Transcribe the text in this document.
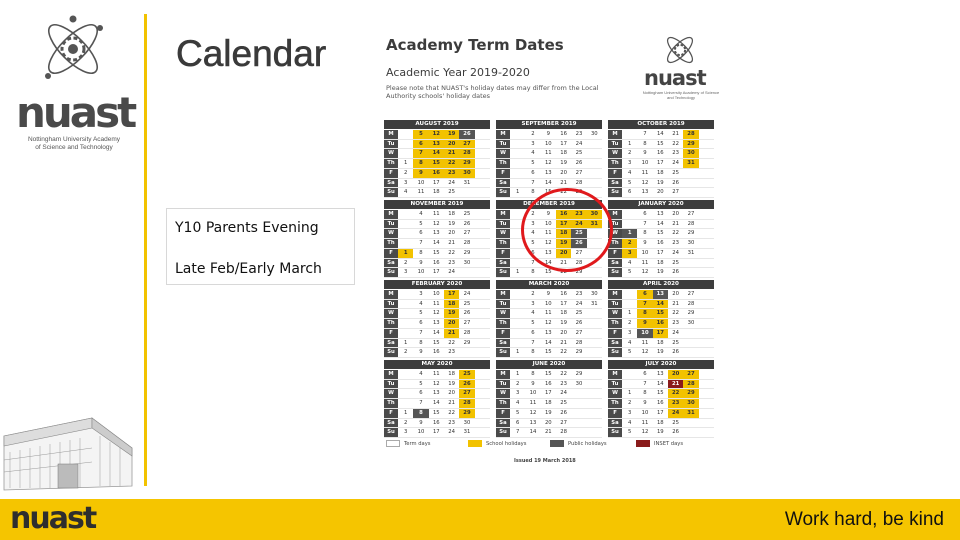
nuast
Nottingham University Academy
of Science and Technology
Calendar
Y10 Parents Evening
Late Feb/Early March
Academy Term Dates
Academic Year 2019-2020
Please note that NUAST's holiday dates may differ from the Local Authority schools' holiday dates
nuast
Nottingham University Academy of Science and Technology
AUGUST 2019
M		5	12	19	26	
Tu		6	13	20	27	
W		7	14	21	28	
Th	1	8	15	22	29	
F	2	9	16	23	30	
Sa	3	10	17	24	31	
Su	4	11	18	25		
SEPTEMBER 2019
M		2	9	16	23	30
Tu		3	10	17	24	
W		4	11	18	25	
Th		5	12	19	26	
F		6	13	20	27	
Sa		7	14	21	28	
Su	1	8	15	22	29	
OCTOBER 2019
M		7	14	21	28	
Tu	1	8	15	22	29	
W	2	9	16	23	30	
Th	3	10	17	24	31	
F	4	11	18	25		
Sa	5	12	19	26		
Su	6	13	20	27		
NOVEMBER 2019
M		4	11	18	25	
Tu		5	12	19	26	
W		6	13	20	27	
Th		7	14	21	28	
F	1	8	15	22	29	
Sa	2	9	16	23	30	
Su	3	10	17	24		
DECEMBER 2019
M		2	9	16	23	30
Tu		3	10	17	24	31
W		4	11	18	25	
Th		5	12	19	26	
F		6	13	20	27	
Sa		7	14	21	28	
Su	1	8	15	22	29	
JANUARY 2020
M		6	13	20	27	
Tu		7	14	21	28	
W	1	8	15	22	29	
Th	2	9	16	23	30	
F	3	10	17	24	31	
Sa	4	11	18	25		
Su	5	12	19	26		
FEBRUARY 2020
M		3	10	17	24	
Tu		4	11	18	25	
W		5	12	19	26	
Th		6	13	20	27	
F		7	14	21	28	
Sa	1	8	15	22	29	
Su	2	9	16	23		
MARCH 2020
M		2	9	16	23	30
Tu		3	10	17	24	31
W		4	11	18	25	
Th		5	12	19	26	
F		6	13	20	27	
Sa		7	14	21	28	
Su	1	8	15	22	29	
APRIL 2020
M		6	13	20	27	
Tu		7	14	21	28	
W	1	8	15	22	29	
Th	2	9	16	23	30	
F	3	10	17	24		
Sa	4	11	18	25		
Su	5	12	19	26		
MAY 2020
M		4	11	18	25	
Tu		5	12	19	26	
W		6	13	20	27	
Th		7	14	21	28	
F	1	8	15	22	29	
Sa	2	9	16	23	30	
Su	3	10	17	24	31	
JUNE 2020
M	1	8	15	22	29	
Tu	2	9	16	23	30	
W	3	10	17	24		
Th	4	11	18	25		
F	5	12	19	26		
Sa	6	13	20	27		
Su	7	14	21	28		
JULY 2020
M		6	13	20	27	
Tu		7	14	21	28	
W	1	8	15	22	29	
Th	2	9	16	23	30	
F	3	10	17	24	31	
Sa	4	11	18	25		
Su	5	12	19	26		
Term days	School holidays	Public holidays	INSET days
Issued 19 March 2018
nuast	Work hard, be kind
